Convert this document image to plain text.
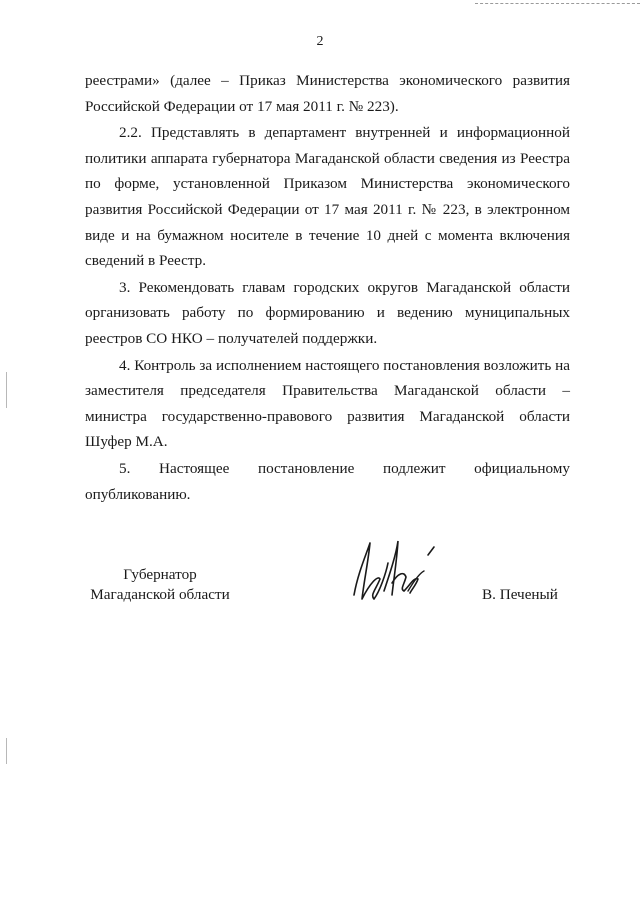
2

реестрами» (далее – Приказ Министерства экономического развития Российской Федерации от 17 мая 2011 г. № 223).

2.2. Представлять в департамент внутренней и информационной политики аппарата губернатора Магаданской области сведения из Реестра по форме, установленной Приказом Министерства экономического развития Российской Федерации от 17 мая 2011 г. № 223, в электронном виде и на бумажном носителе в течение 10 дней с момента включения сведений в Реестр.

3. Рекомендовать главам городских округов Магаданской области организовать работу по формированию и ведению муниципальных реестров СО НКО – получателей поддержки.

4. Контроль за исполнением настоящего постановления возложить на заместителя председателя Правительства Магаданской области – министра государственно-правового развития Магаданской области Шуфер М.А.

5. Настоящее постановление подлежит официальному опубликованию.

Губернатор
Магаданской области	В. Печеный
